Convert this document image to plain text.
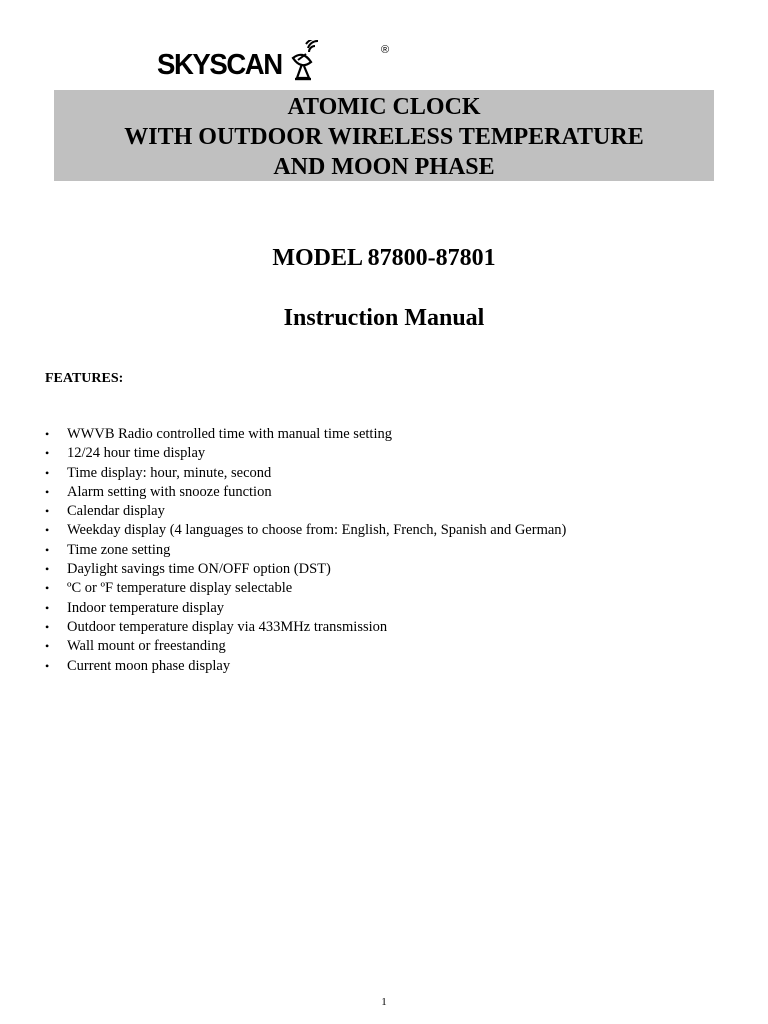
SKYSCAN	®
ATOMIC CLOCK
WITH OUTDOOR WIRELESS TEMPERATURE
AND MOON PHASE
MODEL 87800-87801
Instruction Manual
FEATURES:
• WWVB Radio controlled time with manual time setting
• 12/24 hour time display
• Time display: hour, minute, second
• Alarm setting with snooze function
• Calendar display
• Weekday display (4 languages to choose from: English, French, Spanish and German)
• Time zone setting
• Daylight savings time ON/OFF option (DST)
• ºC or ºF temperature display selectable
• Indoor temperature display
• Outdoor temperature display via 433MHz transmission
• Wall mount or freestanding
• Current moon phase display
1
